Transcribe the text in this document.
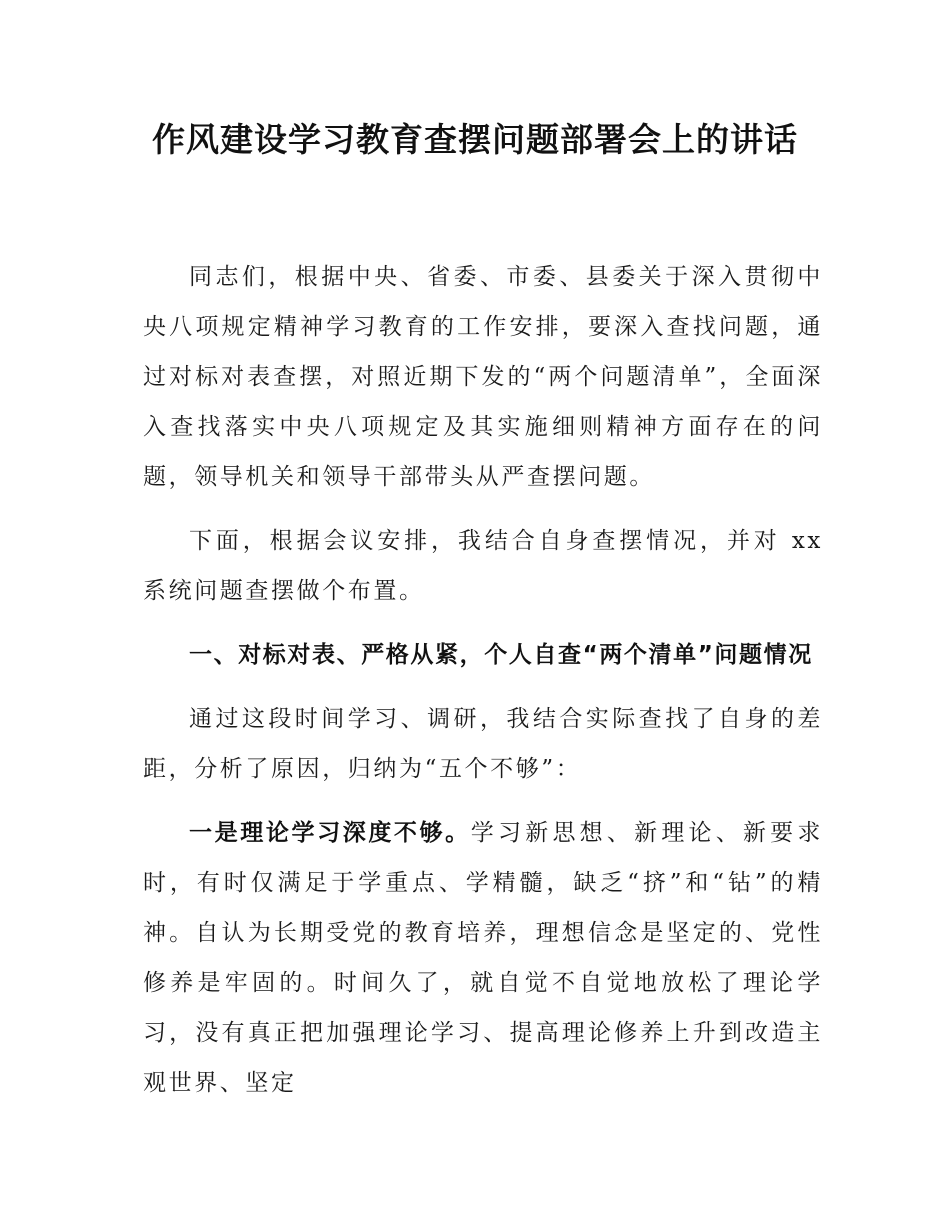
作风建设学习教育查摆问题部署会上的讲话

同志们，根据中央、省委、市委、县委关于深入贯彻中央八项规定精神学习教育的工作安排，要深入查找问题，通过对标对表查摆，对照近期下发的“两个问题清单”，全面深入查找落实中央八项规定及其实施细则精神方面存在的问题，领导机关和领导干部带头从严查摆问题。

下面，根据会议安排，我结合自身查摆情况，并对 xx 系统问题查摆做个布置。

一、对标对表、严格从紧，个人自查“两个清单”问题情况

通过这段时间学习、调研，我结合实际查找了自身的差距，分析了原因，归纳为“五个不够”：

一是理论学习深度不够。学习新思想、新理论、新要求时，有时仅满足于学重点、学精髓，缺乏“挤”和“钻”的精神。自认为长期受党的教育培养，理想信念是坚定的、党性修养是牢固的。时间久了，就自觉不自觉地放松了理论学习，没有真正把加强理论学习、提高理论修养上升到改造主观世界、坚定
